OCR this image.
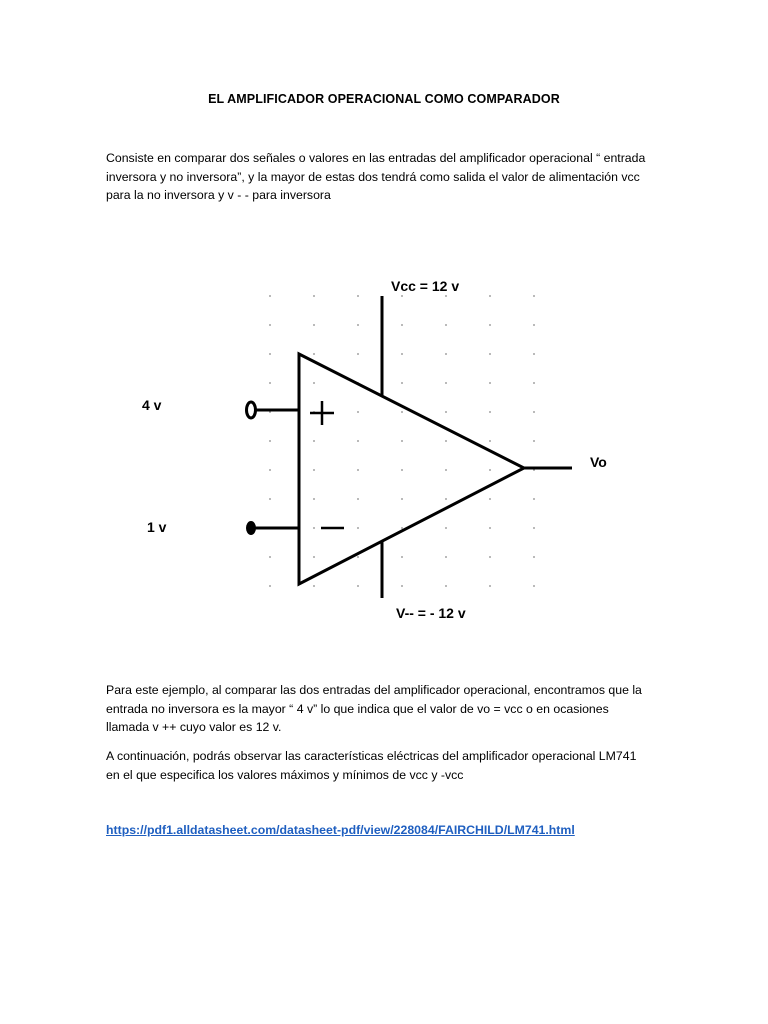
EL AMPLIFICADOR OPERACIONAL COMO COMPARADOR
Consiste en comparar dos señales o valores en las entradas del amplificador operacional “ entrada
inversora y no inversora”, y la mayor de estas dos tendrá como salida el valor de alimentación vcc
para la no inversora y v - - para inversora
Vcc = 12 v
V-- = - 12 v
4 v
1 v
Vo
Para este ejemplo, al comparar las dos entradas del amplificador operacional, encontramos que la
entrada no inversora es la mayor “ 4 v” lo que indica que el valor de vo = vcc o en ocasiones
llamada v ++ cuyo valor es 12 v.
A continuación, podrás observar las características eléctricas del amplificador operacional LM741
en el que especifica los valores máximos y mínimos de vcc y -vcc
https://pdf1.alldatasheet.com/datasheet-pdf/view/228084/FAIRCHILD/LM741.html
